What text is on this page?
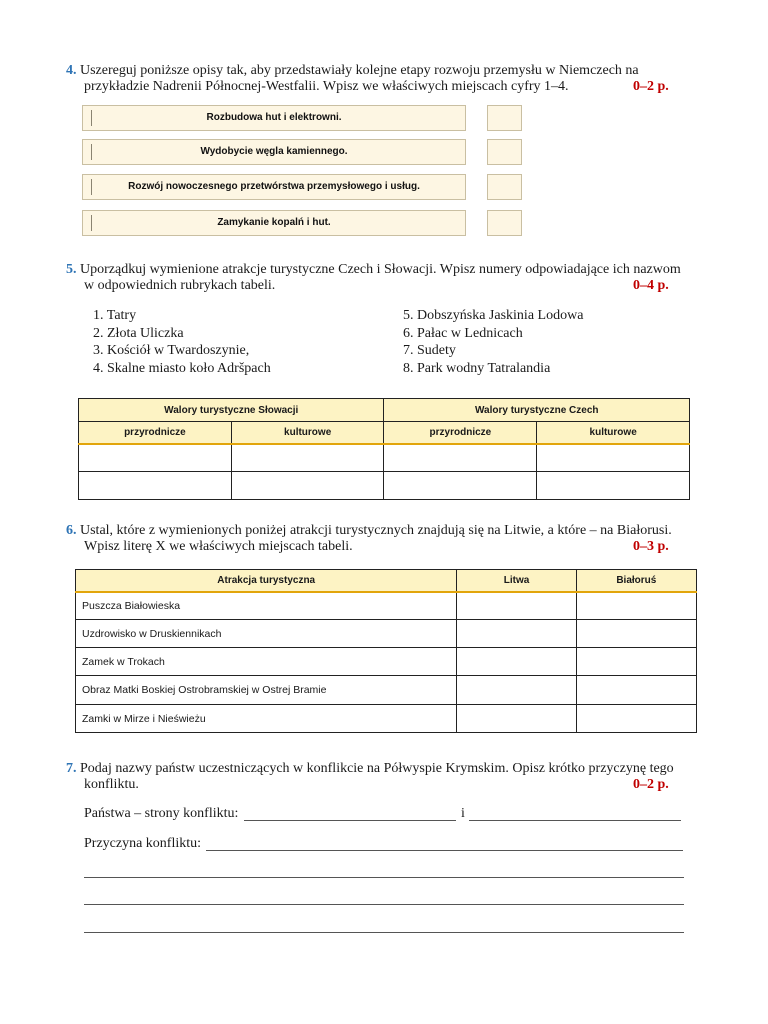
4. Uszereguj poniższe opisy tak, aby przedstawiały kolejne etapy rozwoju przemysłu w Niemczech na
przykładzie Nadrenii Północnej-Westfalii. Wpisz we właściwych miejscach cyfry 1–4.	0–2 p.
Rozbudowa hut i elektrowni.
Wydobycie węgla kamiennego.
Rozwój nowoczesnego przetwórstwa przemysłowego i usług.
Zamykanie kopalń i hut.
5. Uporządkuj wymienione atrakcje turystyczne Czech i Słowacji. Wpisz numery odpowiadające ich nazwom
w odpowiednich rubrykach tabeli.	0–4 p.
1. Tatry
2. Złota Uliczka
3. Kościół w Twardoszynie,
4. Skalne miasto koło Adršpach
5. Dobszyńska Jaskinia Lodowa
6. Pałac w Lednicach
7. Sudety
8. Park wodny Tatralandia
Walory turystyczne Słowacji		Walory turystyczne Czech	
przyrodnicze	kulturowe	przyrodnicze	kulturowe

6. Ustal, które z wymienionych poniżej atrakcji turystycznych znajdują się na Litwie, a które – na Białorusi.
Wpisz literę X we właściwych miejscach tabeli.	0–3 p.
Atrakcja turystyczna	Litwa	Białoruś
Puszcza Białowieska		
Uzdrowisko w Druskiennikach		
Zamek w Trokach		
Obraz Matki Boskiej Ostrobramskiej w Ostrej Bramie		
Zamki w Mirze i Nieświeżu		
7. Podaj nazwy państw uczestniczących w konflikcie na Półwyspie Krymskim. Opisz krótko przyczynę tego
konfliktu.	0–2 p.
Państwa – strony konfliktu:	i
Przyczyna konfliktu:
